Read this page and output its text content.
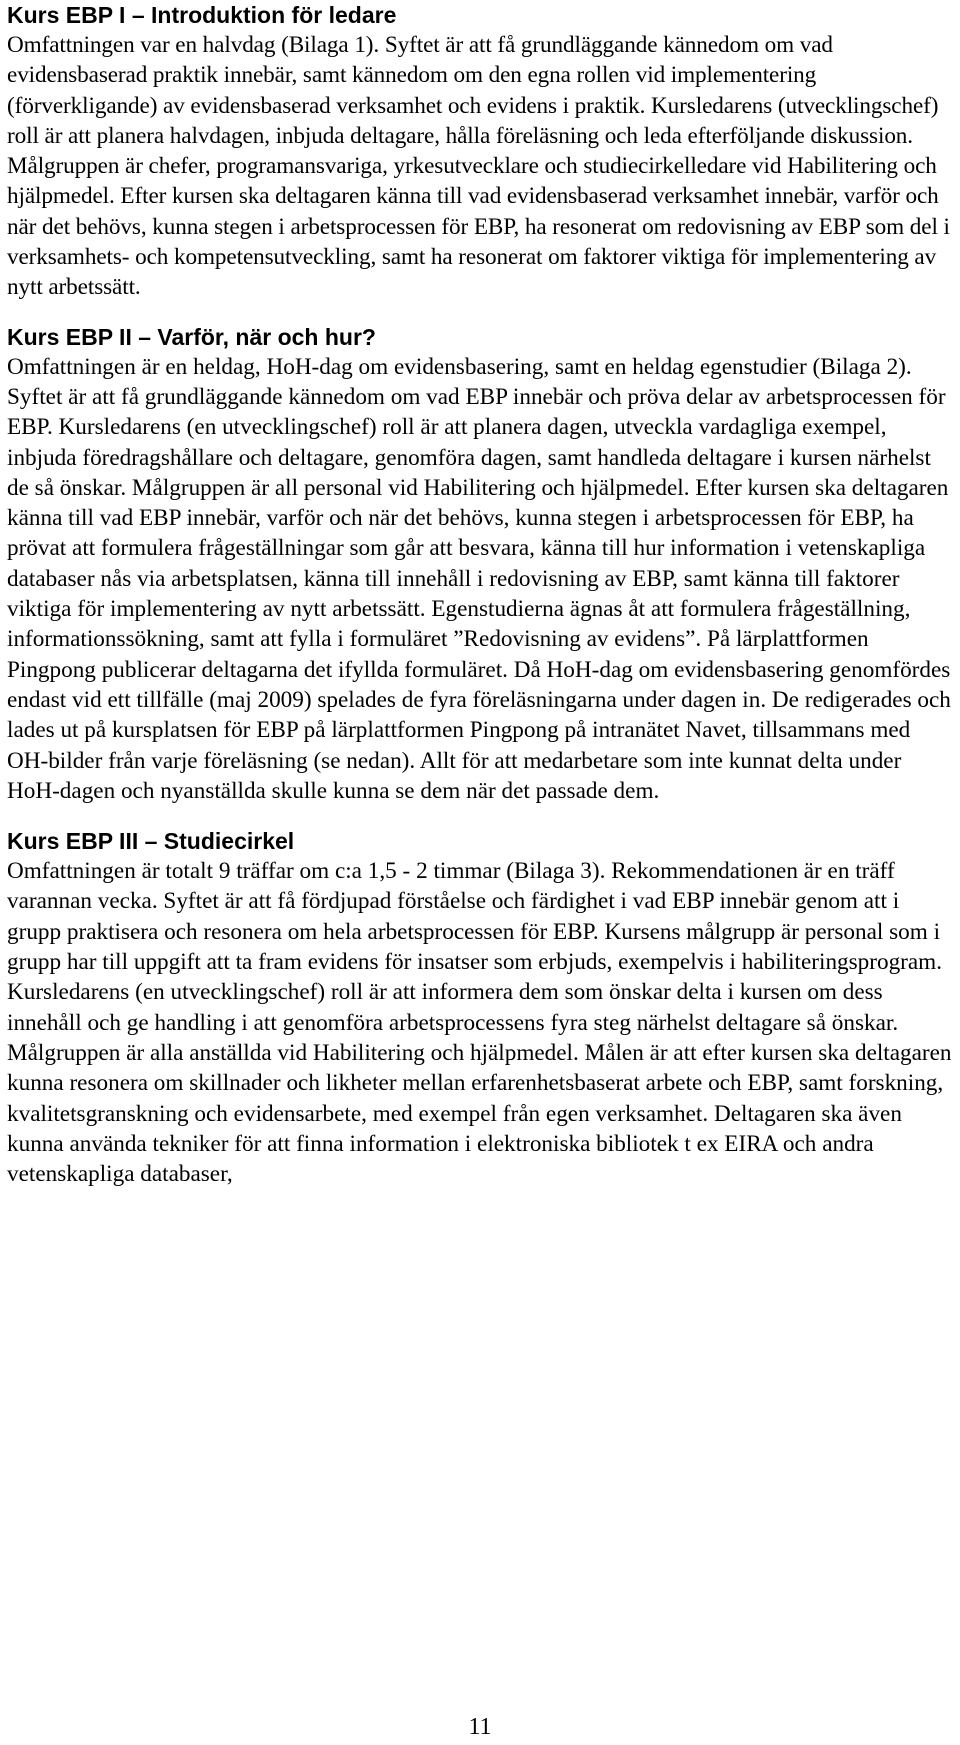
Kurs EBP I – Introduktion för ledare

Omfattningen var en halvdag (Bilaga 1). Syftet är att få grundläggande kännedom om vad evidensbaserad praktik innebär, samt kännedom om den egna rollen vid implementering (förverkligande) av evidensbaserad verksamhet och evidens i praktik. Kursledarens (utvecklingschef) roll är att planera halvdagen, inbjuda deltagare, hålla föreläsning och leda efterföljande diskussion. Målgruppen är chefer, programansvariga, yrkesutvecklare och studiecirkelledare vid Habilitering och hjälpmedel. Efter kursen ska deltagaren känna till vad evidensbaserad verksamhet innebär, varför och när det behövs, kunna stegen i arbetsprocessen för EBP, ha resonerat om redovisning av EBP som del i verksamhets- och kompetensutveckling, samt ha resonerat om faktorer viktiga för implementering av nytt arbetssätt.

Kurs EBP II – Varför, när och hur?

Omfattningen är en heldag, HoH-dag om evidensbasering, samt en heldag egenstudier (Bilaga 2). Syftet är att få grundläggande kännedom om vad EBP innebär och pröva delar av arbetsprocessen för EBP. Kursledarens (en utvecklingschef) roll är att planera dagen, utveckla vardagliga exempel, inbjuda föredragshållare och deltagare, genomföra dagen, samt handleda deltagare i kursen närhelst de så önskar. Målgruppen är all personal vid Habilitering och hjälpmedel. Efter kursen ska deltagaren känna till vad EBP innebär, varför och när det behövs, kunna stegen i arbetsprocessen för EBP, ha prövat att formulera frågeställningar som går att besvara, känna till hur information i vetenskapliga databaser nås via arbetsplatsen, känna till innehåll i redovisning av EBP, samt känna till faktorer viktiga för implementering av nytt arbetssätt. Egenstudierna ägnas åt att formulera frågeställning, informationssökning, samt att fylla i formuläret ”Redovisning av evidens”. På lärplattformen Pingpong publicerar deltagarna det ifyllda formuläret. Då HoH-dag om evidensbasering genomfördes endast vid ett tillfälle (maj 2009) spelades de fyra föreläsningarna under dagen in. De redigerades och lades ut på kursplatsen för EBP på lärplattformen Pingpong på intranätet Navet, tillsammans med OH-bilder från varje föreläsning (se nedan). Allt för att medarbetare som inte kunnat delta under HoH-dagen och nyanställda skulle kunna se dem när det passade dem.

Kurs EBP III – Studiecirkel

Omfattningen är totalt 9 träffar om c:a 1,5 - 2 timmar (Bilaga 3). Rekommendationen är en träff varannan vecka. Syftet är att få fördjupad förståelse och färdighet i vad EBP innebär genom att i grupp praktisera och resonera om hela arbetsprocessen för EBP. Kursens målgrupp är personal som i grupp har till uppgift att ta fram evidens för insatser som erbjuds, exempelvis i habiliteringsprogram. Kursledarens (en utvecklingschef) roll är att informera dem som önskar delta i kursen om dess innehåll och ge handling i att genomföra arbetsprocessens fyra steg närhelst deltagare så önskar. Målgruppen är alla anställda vid Habilitering och hjälpmedel. Målen är att efter kursen ska deltagaren kunna resonera om skillnader och likheter mellan erfarenhetsbaserat arbete och EBP, samt forskning, kvalitetsgranskning och evidensarbete, med exempel från egen verksamhet. Deltagaren ska även kunna använda tekniker för att finna information i elektroniska bibliotek t ex EIRA och andra vetenskapliga databaser,

11
